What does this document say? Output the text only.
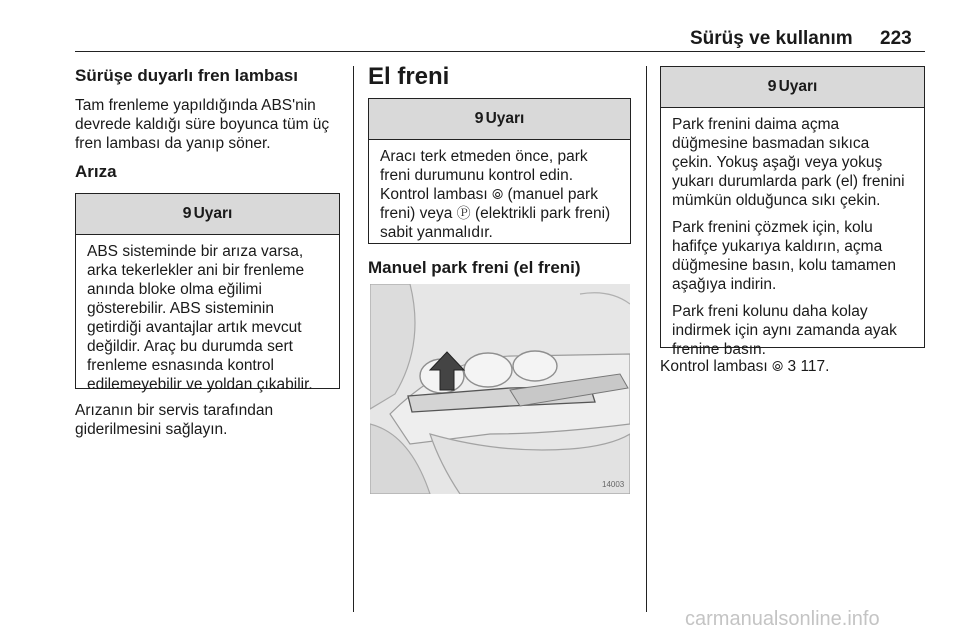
Sürüş ve kullanım 223
Sürüşe duyarlı fren lambası
Tam frenleme yapıldığında ABS'nin
devrede kaldığı süre boyunca tüm üç
fren lambası da yanıp söner.
Arıza
9 Uyarı
ABS sisteminde bir arıza varsa,
arka tekerlekler ani bir frenleme
anında bloke olma eğilimi
gösterebilir. ABS sisteminin
getirdiği avantajlar artık mevcut
değildir. Araç bu durumda sert
frenleme esnasında kontrol
edilemeyebilir ve yoldan çıkabilir.
Arızanın bir servis tarafından
giderilmesini sağlayın.
El freni
9 Uyarı
Aracı terk etmeden önce, park
freni durumunu kontrol edin.
Kontrol lambası ⦾ (manuel park
freni) veya Ⓟ (elektrikli park freni)
sabit yanmalıdır.
Manuel park freni (el freni)
14003
9 Uyarı

Park frenini daima açma
düğmesine basmadan sıkıca
çekin. Yokuş aşağı veya yokuş
yukarı durumlarda park (el) frenini
mümkün olduğunca sıkı çekin.

Park frenini çözmek için, kolu
hafifçe yukarıya kaldırın, açma
düğmesine basın, kolu tamamen
aşağıya indirin.

Park freni kolunu daha kolay
indirmek için aynı zamanda ayak
frenine basın.

Kontrol lambası ⦾ 3 117.
carmanualsonline.info
